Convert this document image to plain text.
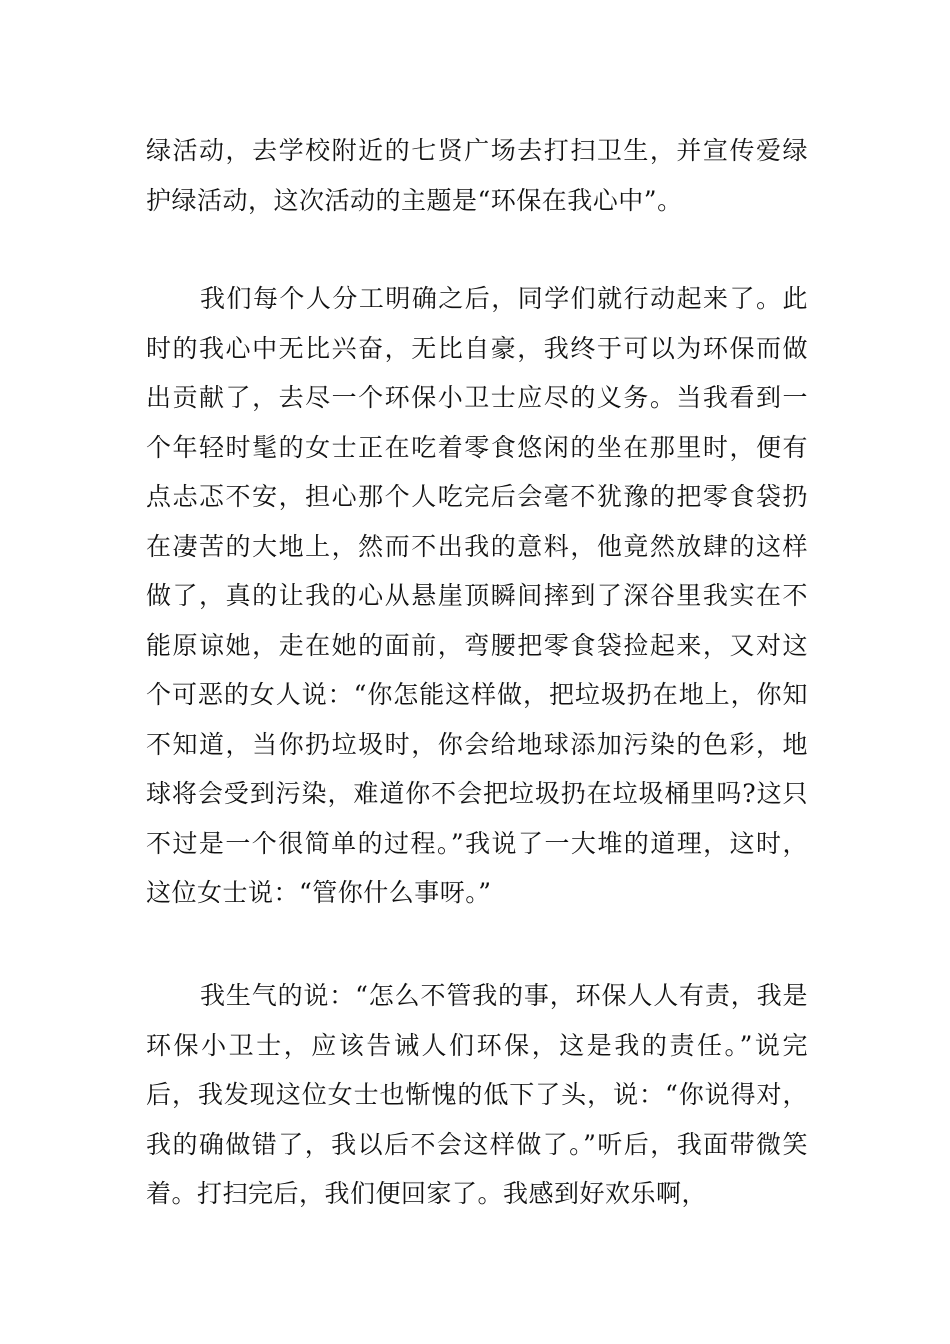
绿活动，去学校附近的七贤广场去打扫卫生，并宣传爱绿护绿活动，这次活动的主题是“环保在我心中”。

我们每个人分工明确之后，同学们就行动起来了。此时的我心中无比兴奋，无比自豪，我终于可以为环保而做出贡献了，去尽一个环保小卫士应尽的义务。当我看到一个年轻时髦的女士正在吃着零食悠闲的坐在那里时，便有点忐忑不安，担心那个人吃完后会毫不犹豫的把零食袋扔在凄苦的大地上，然而不出我的意料，他竟然放肆的这样做了，真的让我的心从悬崖顶瞬间摔到了深谷里我实在不能原谅她，走在她的面前，弯腰把零食袋捡起来，又对这个可恶的女人说：“你怎能这样做，把垃圾扔在地上，你知不知道，当你扔垃圾时，你会给地球添加污染的色彩，地球将会受到污染，难道你不会把垃圾扔在垃圾桶里吗?这只不过是一个很简单的过程。”我说了一大堆的道理，这时，这位女士说：“管你什么事呀。”

我生气的说：“怎么不管我的事，环保人人有责，我是环保小卫士，应该告诫人们环保，这是我的责任。”说完后，我发现这位女士也惭愧的低下了头，说：“你说得对，我的确做错了，我以后不会这样做了。”听后，我面带微笑着。打扫完后，我们便回家了。我感到好欢乐啊，
